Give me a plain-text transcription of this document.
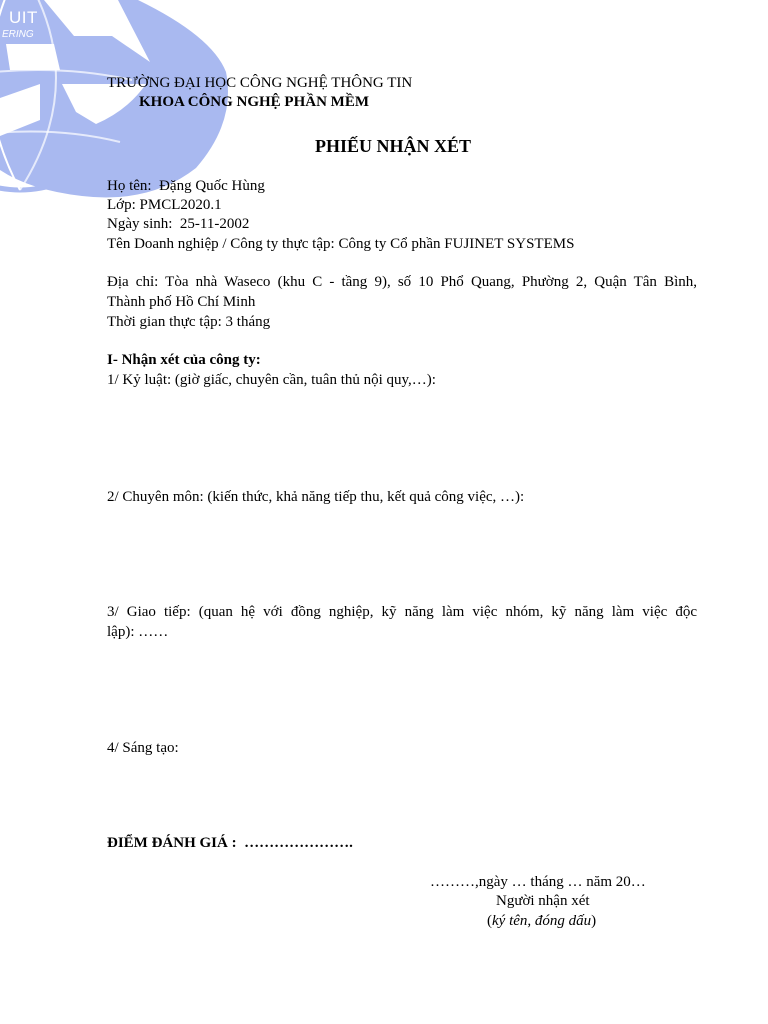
UIT
ERING
TRƯỜNG ĐẠI HỌC CÔNG NGHỆ THÔNG TIN
KHOA CÔNG NGHỆ PHẦN MỀM
PHIẾU NHẬN XÉT
Họ tên: Đặng Quốc Hùng
Lớp: PMCL2020.1
Ngày sinh: 25-11-2002
Tên Doanh nghiệp / Công ty thực tập: Công ty Cổ phần FUJINET SYSTEMS
Địa chỉ: Tòa nhà Waseco (khu C - tầng 9), số 10 Phổ Quang, Phường 2, Quận Tân Bình,
Thành phố Hồ Chí Minh
Thời gian thực tập: 3 tháng
I- Nhận xét của công ty:
1/ Kỷ luật: (giờ giấc, chuyên cần, tuân thủ nội quy,…):
2/ Chuyên môn: (kiến thức, khả năng tiếp thu, kết quả công việc, …):
3/ Giao tiếp: (quan hệ với đồng nghiệp, kỹ năng làm việc nhóm, kỹ năng làm việc độc
lập): ……
4/ Sáng tạo:
ĐIỂM ĐÁNH GIÁ : ………………….
………,ngày … tháng … năm 20…
Người nhận xét
(ký tên, đóng dấu)
